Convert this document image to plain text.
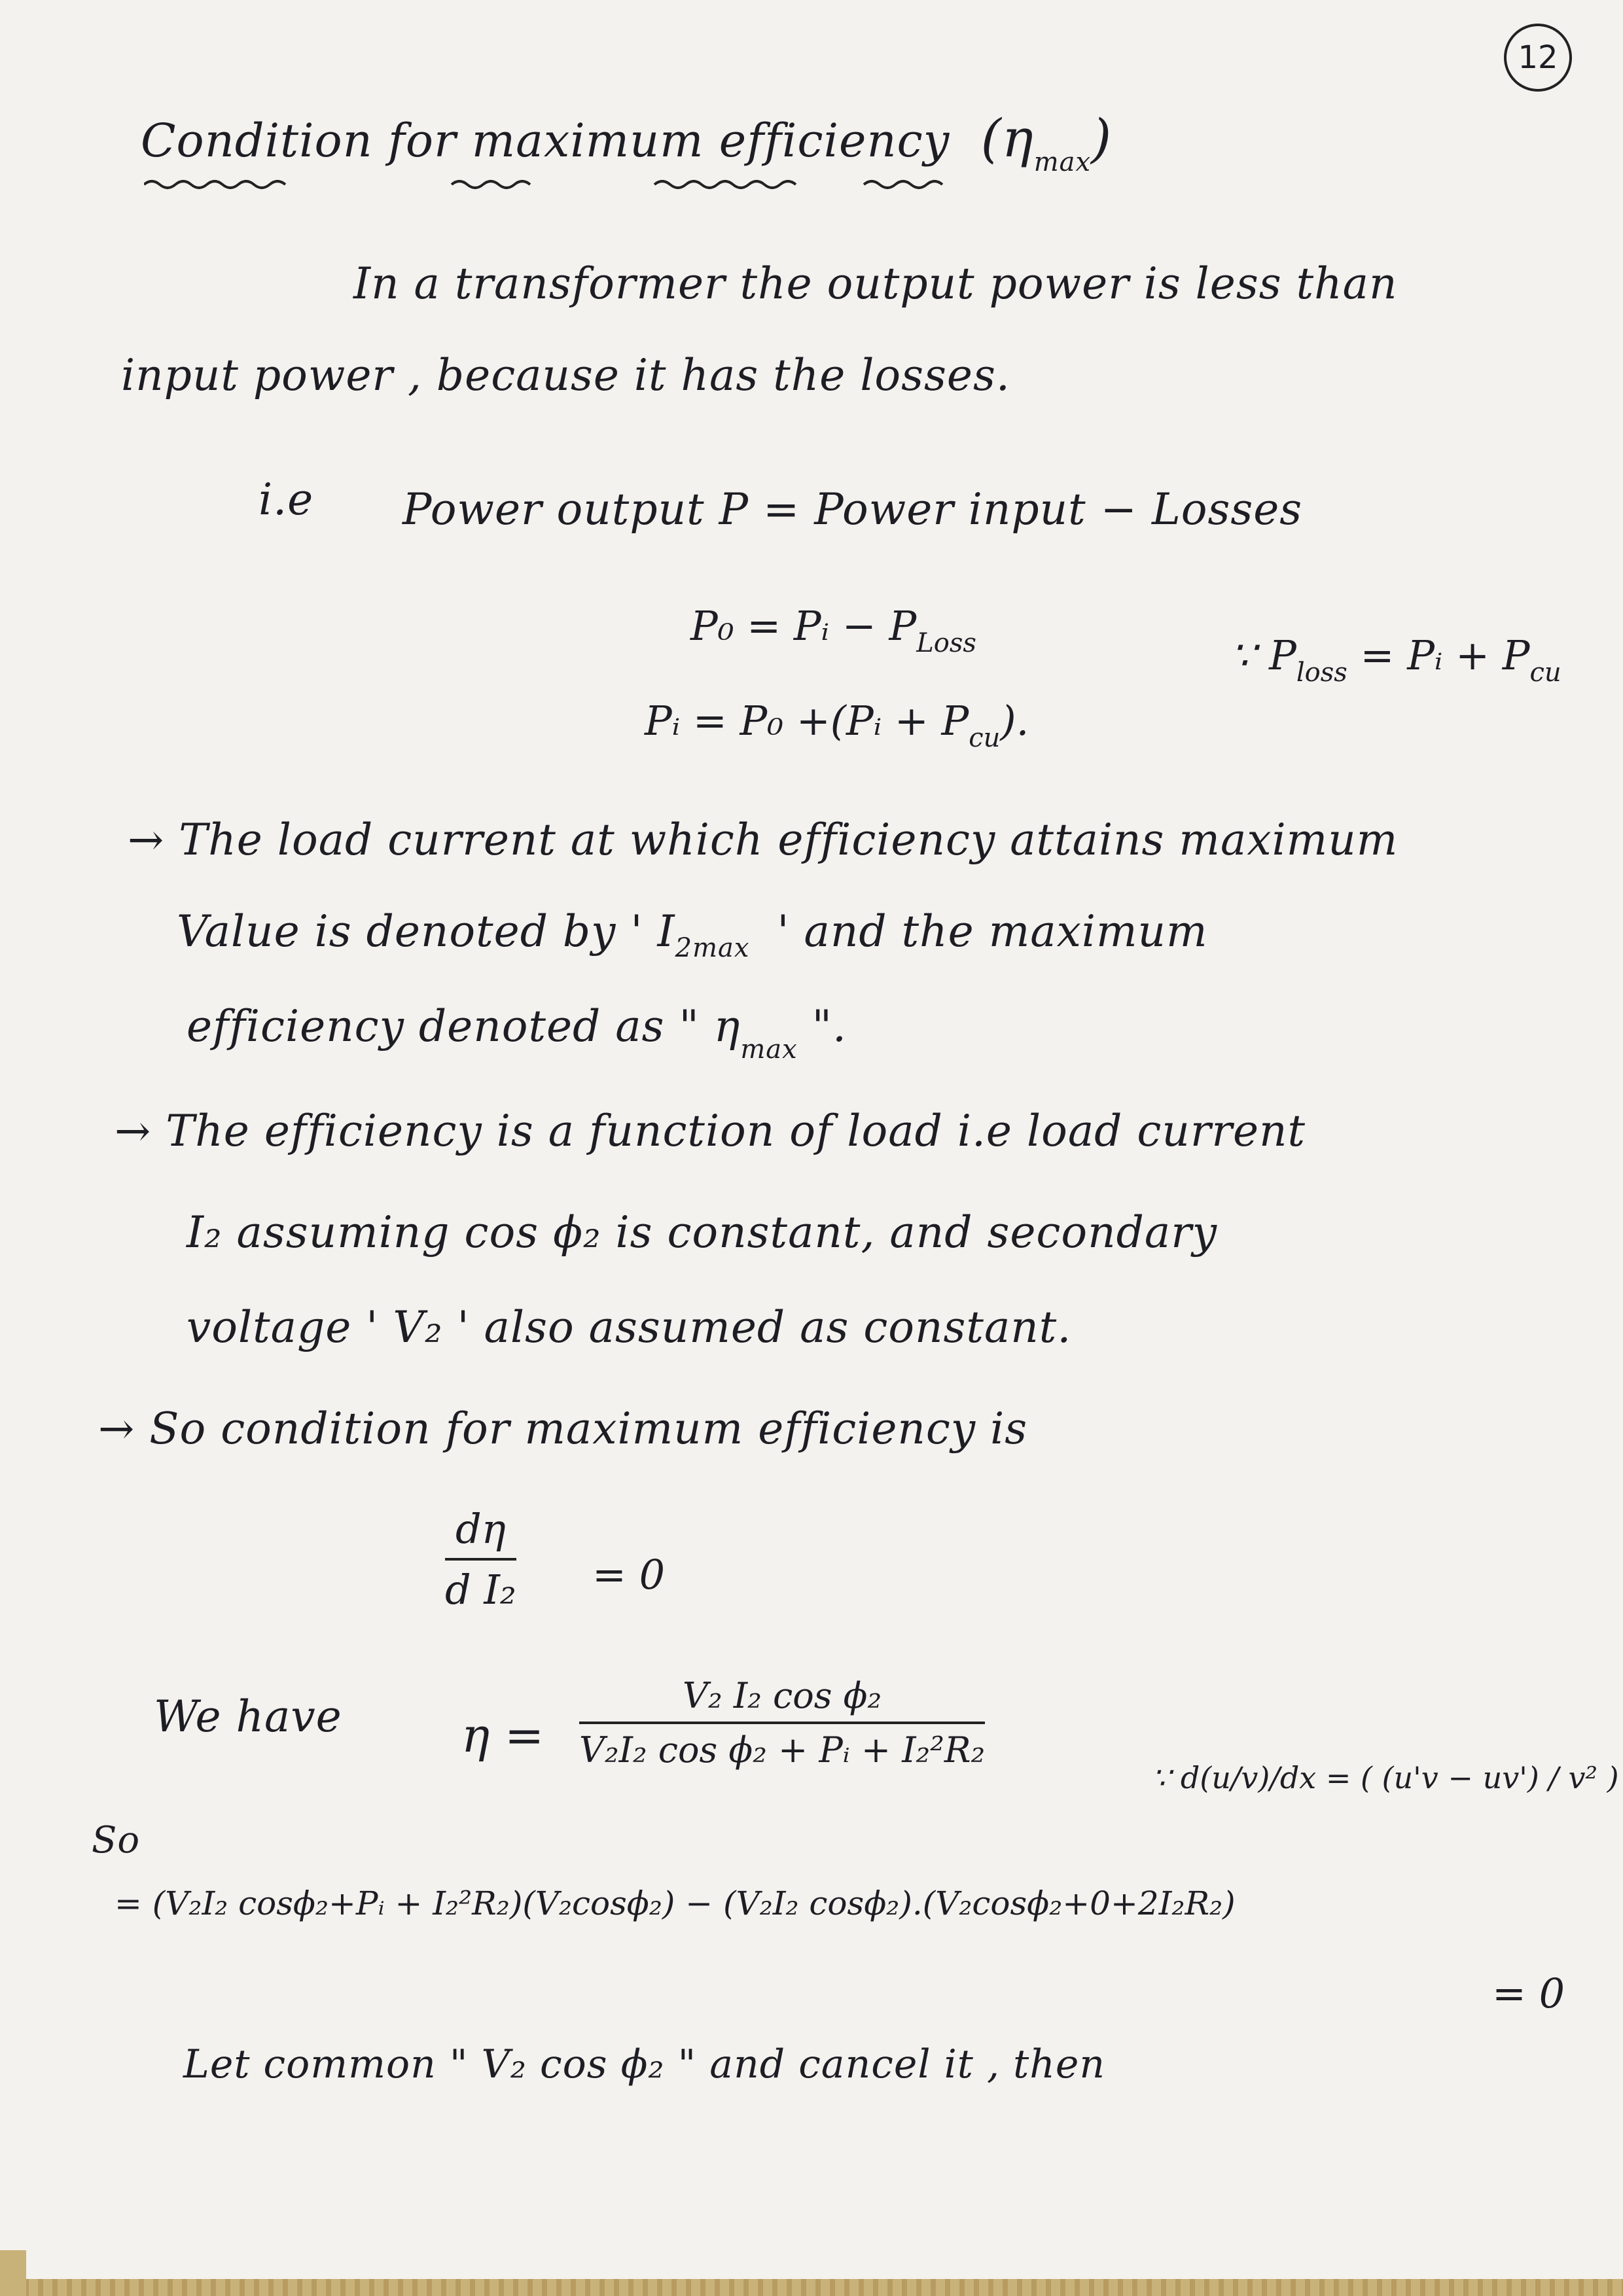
12
Condition for maximum efficiency $(\eta_{max})$
In a transformer the output power is less than
input power , because it has the losses.
i.e Power output P = Power input − Losses
P₀ = Pᵢ − $P_{Loss}$	∵ $P_{loss}$ = Pᵢ + $P_{cu}$
Pᵢ = P₀ +(Pᵢ + $P_{cu}$).
→ The load current at which efficiency attains maximum
Value is denoted by ' $I_{2max}$ ' and the maximum
efficiency denoted as " $\eta_{max}$ ".
→ The efficiency is a function of load i.e load current
I₂ assuming cos ϕ₂ is constant, and secondary
voltage ' V₂ ' also assumed as constant.
→ So condition for maximum efficiency is
dη
d I₂ = 0
We have	η =
V₂ I₂ cos ϕ₂
V₂I₂ cos ϕ₂ + Pᵢ + I₂²R₂
∵ d(u/v)/dx = ( (u'v − uv') / v² )
So
= (V₂I₂ cosϕ₂+Pᵢ + I₂²R₂)(V₂cosϕ₂) − (V₂I₂ cosϕ₂).(V₂cosϕ₂+0+2I₂R₂)
= 0
Let common " V₂ cos ϕ₂ " and cancel it , then
